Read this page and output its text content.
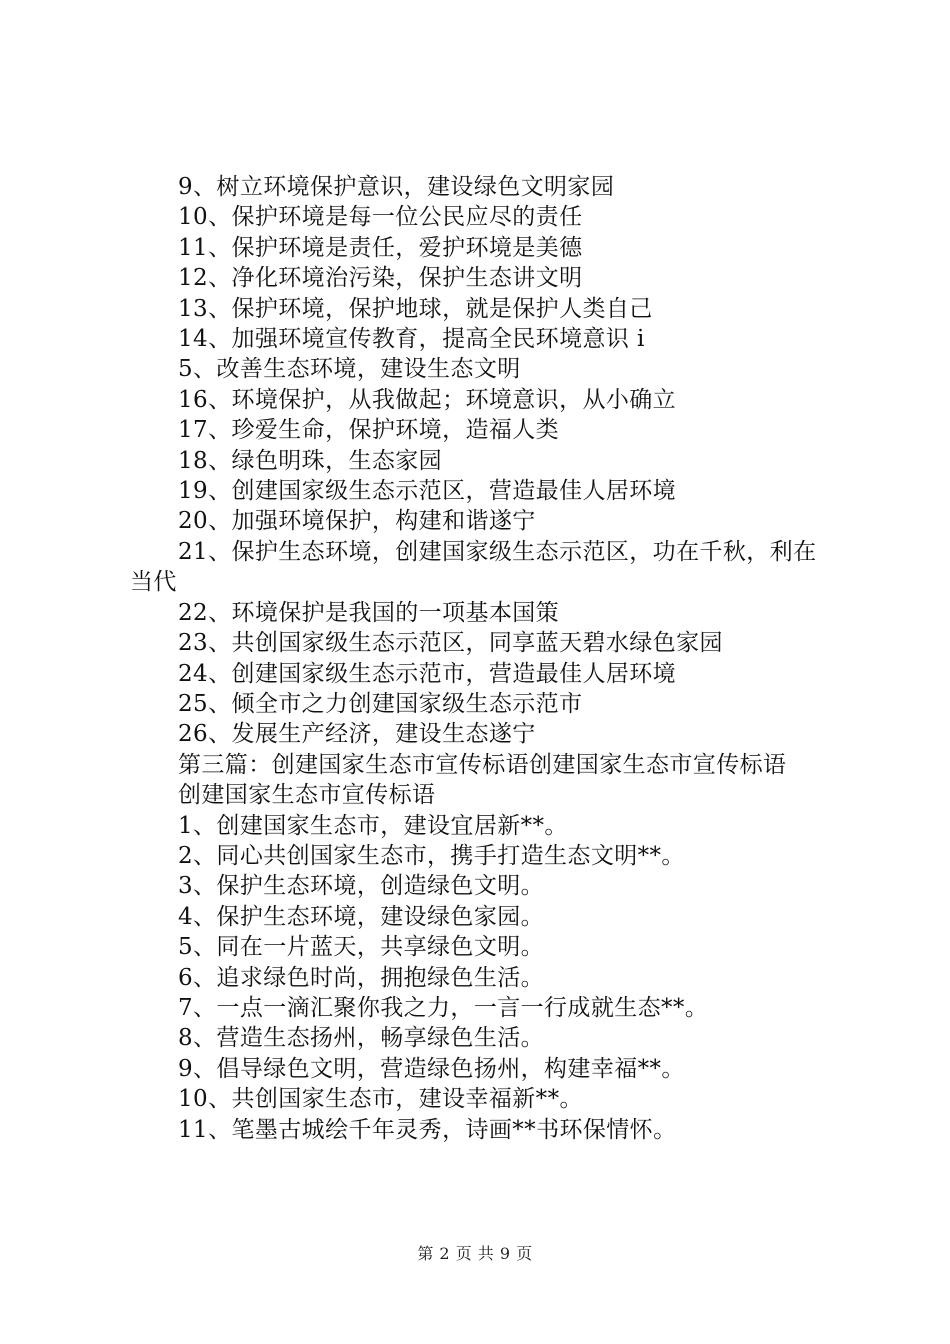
9、树立环境保护意识，建设绿色文明家园
10、保护环境是每一位公民应尽的责任
11、保护环境是责任，爱护环境是美德
12、净化环境治污染，保护生态讲文明
13、保护环境，保护地球，就是保护人类自己
14、加强环境宣传教育，提高全民环境意识 i
5、改善生态环境，建设生态文明
16、环境保护，从我做起；环境意识，从小确立
17、珍爱生命，保护环境，造福人类
18、绿色明珠，生态家园
19、创建国家级生态示范区，营造最佳人居环境
20、加强环境保护，构建和谐遂宁
21、保护生态环境，创建国家级生态示范区，功在千秋，利在当代
22、环境保护是我国的一项基本国策
23、共创国家级生态示范区，同享蓝天碧水绿色家园
24、创建国家级生态示范市，营造最佳人居环境
25、倾全市之力创建国家级生态示范市
26、发展生产经济，建设生态遂宁
第三篇：创建国家生态市宣传标语创建国家生态市宣传标语
创建国家生态市宣传标语
1、创建国家生态市，建设宜居新**。
2、同心共创国家生态市，携手打造生态文明**。
3、保护生态环境，创造绿色文明。
4、保护生态环境，建设绿色家园。
5、同在一片蓝天，共享绿色文明。
6、追求绿色时尚，拥抱绿色生活。
7、一点一滴汇聚你我之力，一言一行成就生态**。
8、营造生态扬州，畅享绿色生活。
9、倡导绿色文明，营造绿色扬州，构建幸福**。
10、共创国家生态市，建设幸福新**。
11、笔墨古城绘千年灵秀，诗画**书环保情怀。
第 2 页 共 9 页
